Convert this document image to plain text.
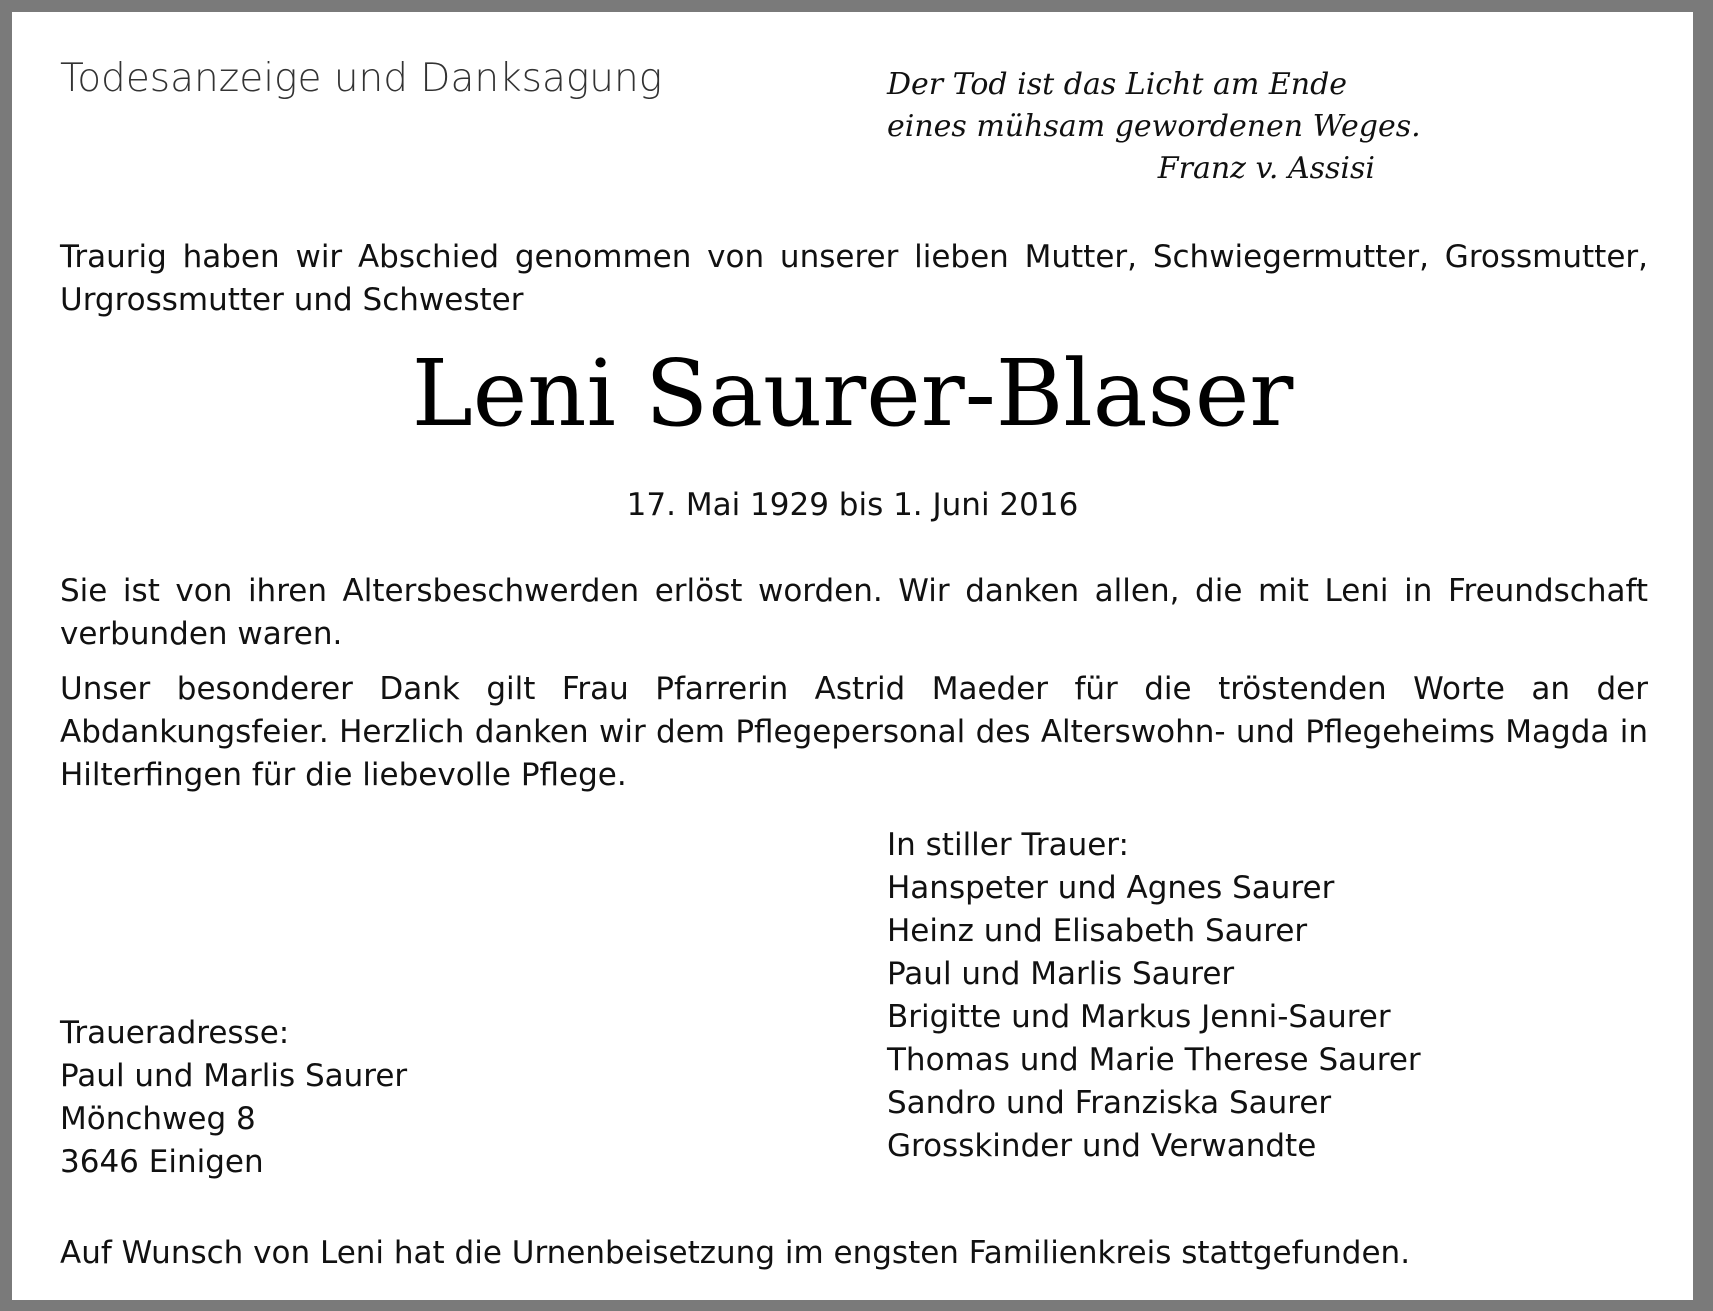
Todesanzeige und Danksagung	Der Tod ist das Licht am Ende
eines mühsam gewordenen Weges.
Franz v. Assisi
Traurig haben wir Abschied genommen von unserer lieben Mutter, Schwiegermutter, Grossmutter, Urgrossmutter und Schwester
Leni Saurer-Blaser
17. Mai 1929 bis 1. Juni 2016
Sie ist von ihren Altersbeschwerden erlöst worden. Wir danken allen, die mit Leni in Freundschaft verbunden waren.
Unser besonderer Dank gilt Frau Pfarrerin Astrid Maeder für die tröstenden Worte an der Abdankungsfeier. Herzlich danken wir dem Pflegepersonal des Alterswohn- und Pflegeheims Magda in Hilterfingen für die liebevolle Pflege.
In stiller Trauer:
Hanspeter und Agnes Saurer
Heinz und Elisabeth Saurer
Paul und Marlis Saurer
Brigitte und Markus Jenni-Saurer
Thomas und Marie Therese Saurer
Sandro und Franziska Saurer
Grosskinder und Verwandte
Traueradresse:
Paul und Marlis Saurer
Mönchweg 8
3646 Einigen
Auf Wunsch von Leni hat die Urnenbeisetzung im engsten Familienkreis stattgefunden.
